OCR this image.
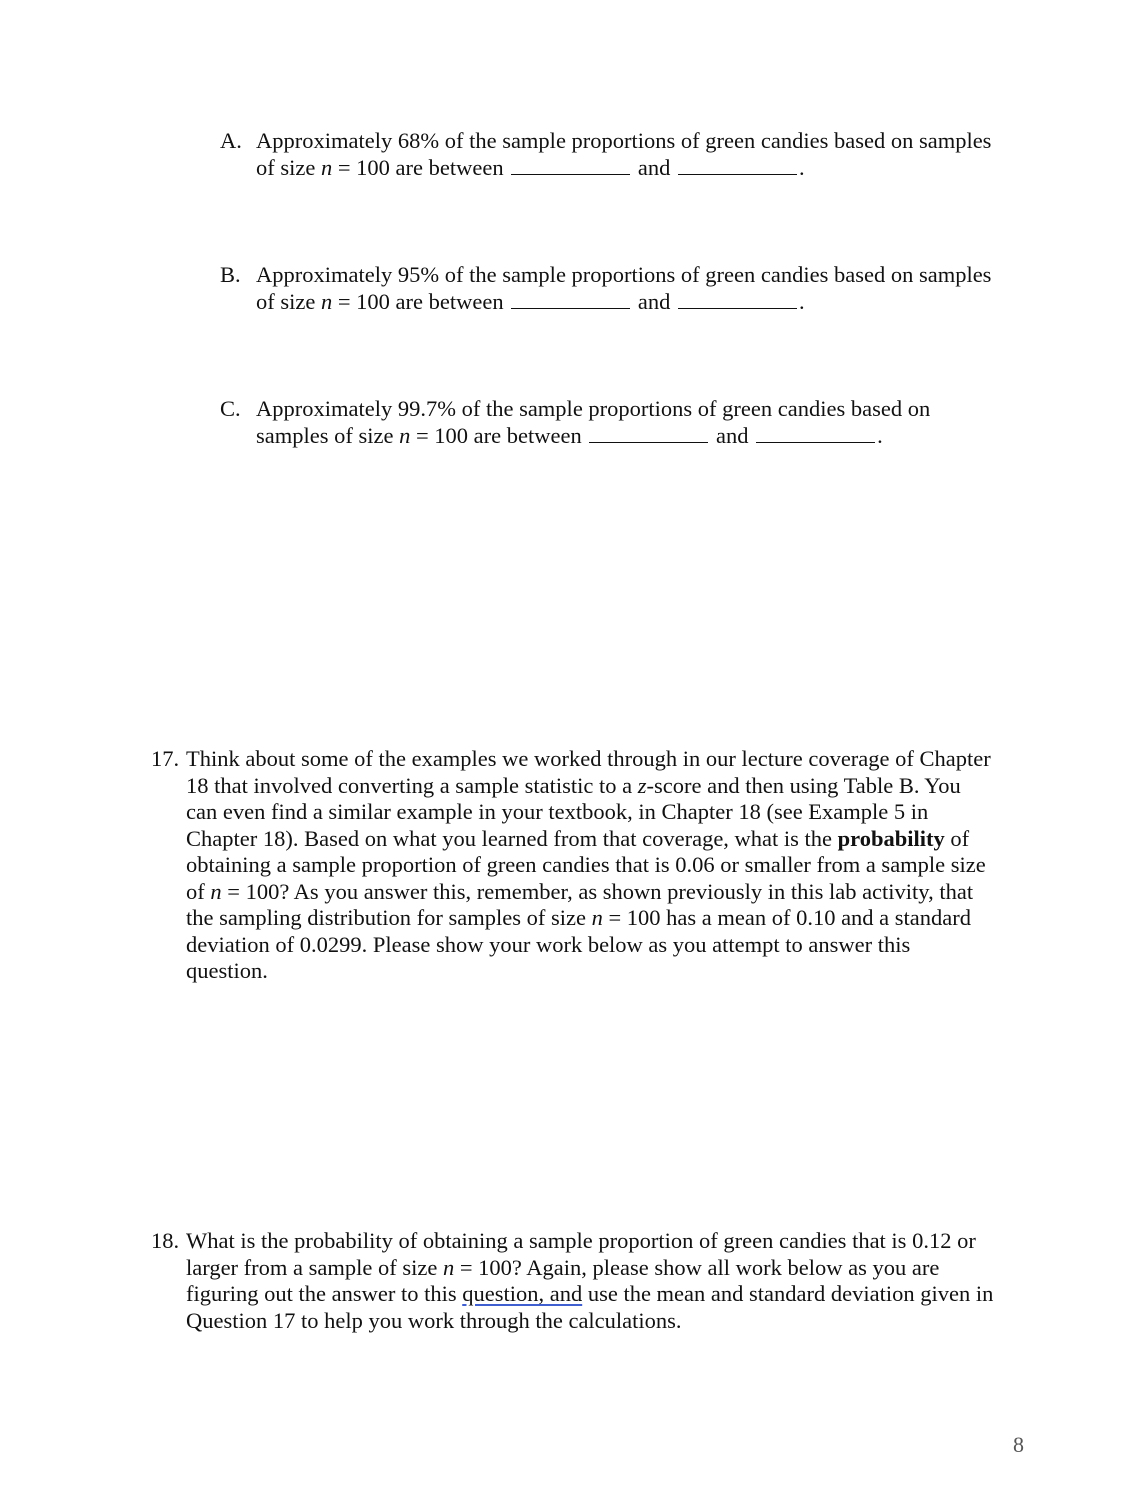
A. Approximately 68% of the sample proportions of green candies based on samples
of size n = 100 are between	and	.
B. Approximately 95% of the sample proportions of green candies based on samples
of size n = 100 are between	and	.
C. Approximately 99.7% of the sample proportions of green candies based on
samples of size n = 100 are between	and	.
17. Think about some of the examples we worked through in our lecture coverage of Chapter
18 that involved converting a sample statistic to a z-score and then using Table B. You
can even find a similar example in your textbook, in Chapter 18 (see Example 5 in
Chapter 18). Based on what you learned from that coverage, what is the probability of
obtaining a sample proportion of green candies that is 0.06 or smaller from a sample size
of n = 100? As you answer this, remember, as shown previously in this lab activity, that
the sampling distribution for samples of size n = 100 has a mean of 0.10 and a standard
deviation of 0.0299. Please show your work below as you attempt to answer this
question.
18. What is the probability of obtaining a sample proportion of green candies that is 0.12 or
larger from a sample of size n = 100? Again, please show all work below as you are
figuring out the answer to this question, and use the mean and standard deviation given in
Question 17 to help you work through the calculations.
8
